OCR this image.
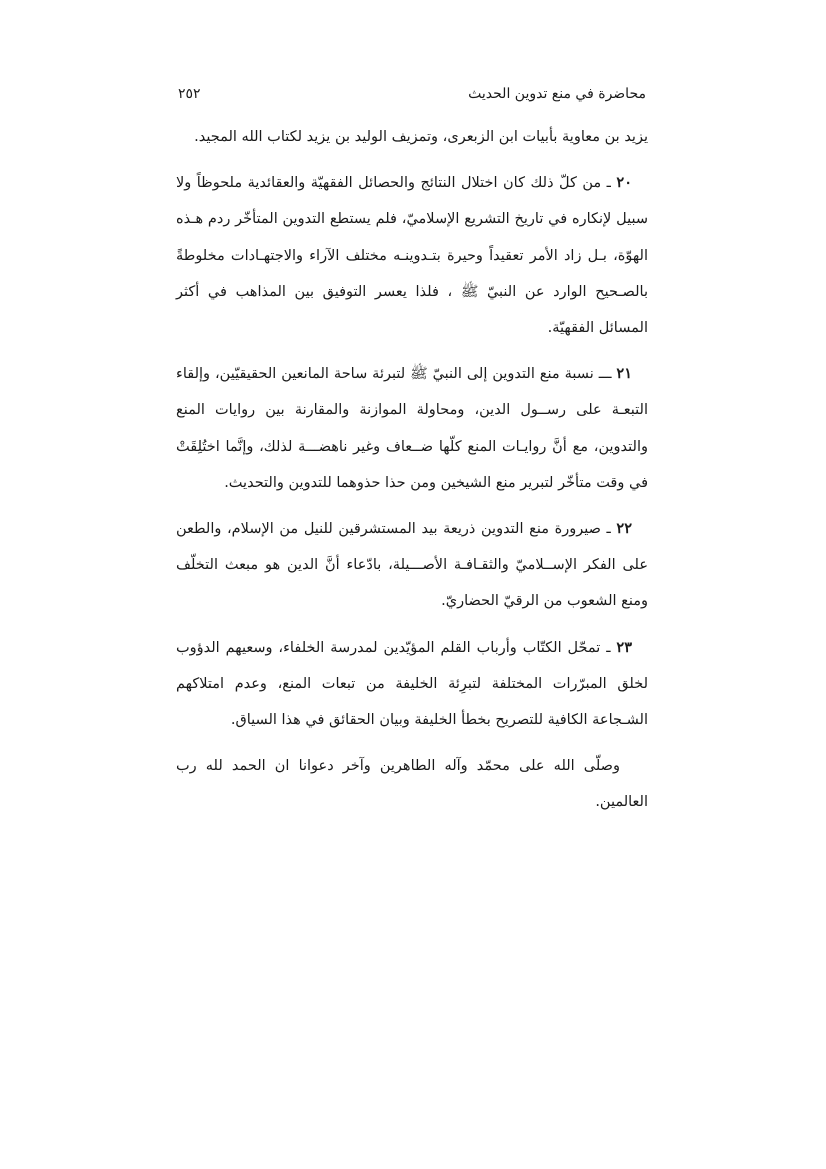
محاضرة في منع تدوين الحديث
٢٥٢

يزيد بن معاوية بأبيات ابن الزبعرى، وتمزيف الوليد بن يزيد لكتاب الله المجيد.

٢٠ ـ من كلّ ذلك كان اختلال النتائج والحصائل الفقهيّة والعقائدية ملحوظاً ولا سبيل لإنكاره في تاريخ التشريع الإسلاميّ، فلم يستطع التدوين المتأخّر ردم هـذه الهوّة، بـل زاد الأمر تعقيداً وحيرة بتـدوينـه مختلف الآراء والاجتهـادات مخلوطةً بالصـحيح الوارد عن النبيّ ﷺ ، فلذا يعسر التوفيق بين المذاهب في أكثر المسائل الفقهيّة.

٢١ ـــ نسبة منع التدوين إلى النبيّ ﷺ لتبرئة ساحة المانعين الحقيقيّين، وإلقاء التبعـة على رســول الدين، ومحاولة الموازنة والمقارنة بين روايات المنع والتدوين، مع أنَّ روايـات المنع كلّها ضــعاف وغير ناهضـــة لذلك، وإنَّما اختُلِقَتْ في وقت متأخّر لتبرير منع الشيخين ومن حذا حذوهما للتدوين والتحديث.

٢٢ ـ صيرورة منع التدوين ذريعة بيد المستشرقين للنيل من الإسلام، والطعن على الفكر الإســلاميّ والثقـافـة الأصـــيلة، بادّعاء أنَّ الدين هو مبعث التخلّف ومنع الشعوب من الرقيّ الحضاريّ.

٢٣ ـ تمحّل الكتّاب وأرباب القلم المؤيّدين لمدرسة الخلفاء، وسعيهم الدؤوب لخلق المبرّرات المختلفة لتبرِئة الخليفة من تبعات المنع، وعدم امتلاكهم الشـجاعة الكافية للتصريح بخطأ الخليفة وبيان الحقائق في هذا السياق.

وصلّى الله على محمّد وآله الطاهرين وآخر دعوانا ان الحمد لله رب العالمين.
